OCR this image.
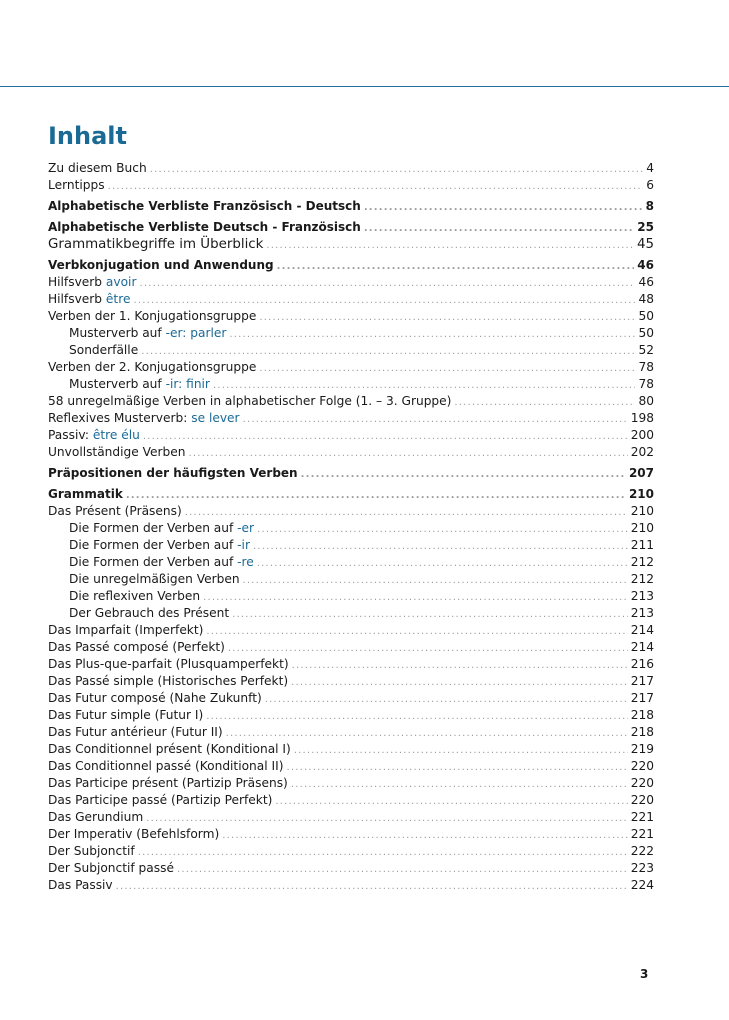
Inhalt
Zu diesem Buch .....	4
Lerntipps .....	6
Alphabetische Verbliste Französisch - Deutsch .....	8
Alphabetische Verbliste Deutsch - Französisch .....	25
Grammatikbegriffe im Überblick .....	45
Verbkonjugation und Anwendung .....	46
Hilfsverb avoir .....	46
Hilfsverb être .....	48
Verben der 1. Konjugationsgruppe .....	50
Musterverb auf -er: parler .....	50
Sonderfälle .....	52
Verben der 2. Konjugationsgruppe .....	78
Musterverb auf -ir: finir .....	78
58 unregelmäßige Verben in alphabetischer Folge (1. – 3. Gruppe) .....	80
Reflexives Musterverb: se lever .....	198
Passiv: être élu .....	200
Unvollständige Verben .....	202
Präpositionen der häufigsten Verben .....	207
Grammatik .....	210
Das Présent (Präsens) .....	210
Die Formen der Verben auf -er .....	210
Die Formen der Verben auf -ir .....	211
Die Formen der Verben auf -re .....	212
Die unregelmäßigen Verben .....	212
Die reflexiven Verben .....	213
Der Gebrauch des Présent .....	213
Das Imparfait (Imperfekt) .....	214
Das Passé composé (Perfekt) .....	214
Das Plus-que-parfait (Plusquamperfekt) .....	216
Das Passé simple (Historisches Perfekt) .....	217
Das Futur composé (Nahe Zukunft) .....	217
Das Futur simple (Futur I) .....	218
Das Futur antérieur (Futur II) .....	218
Das Conditionnel présent (Konditional I) .....	219
Das Conditionnel passé (Konditional II) .....	220
Das Participe présent (Partizip Präsens) .....	220
Das Participe passé (Partizip Perfekt) .....	220
Das Gerundium .....	221
Der Imperativ (Befehlsform) .....	221
Der Subjonctif .....	222
Der Subjonctif passé .....	223
Das Passiv .....	224
3
